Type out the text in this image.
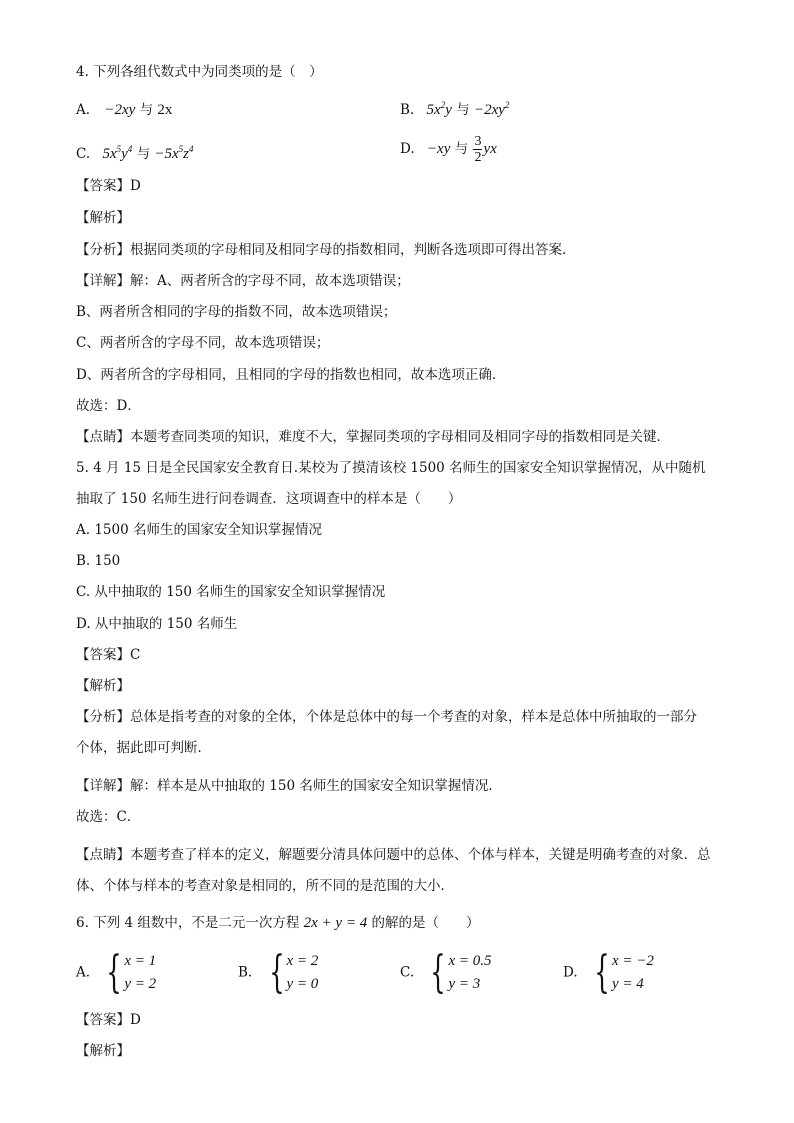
4. 下列各组代数式中为同类项的是（　）
A. −2xy 与 2x	B. $5x^2y$ 与 $-2xy^2$
C. $5x^5y^4$ 与 $-5x^5z^4$	D. −xy 与 $\frac{3}{2}$ yx
【答案】D
【解析】
【分析】根据同类项的字母相同及相同字母的指数相同，判断各选项即可得出答案．
【详解】解：A、两者所含的字母不同，故本选项错误；
B、两者所含相同的字母的指数不同，故本选项错误；
C、两者所含的字母不同，故本选项错误；
D、两者所含的字母相同，且相同的字母的指数也相同，故本选项正确．
故选：D．
【点睛】本题考查同类项的知识，难度不大，掌握同类项的字母相同及相同字母的指数相同是关键．
5. 4 月 15 日是全民国家安全教育日.某校为了摸清该校 1500 名师生的国家安全知识掌握情况，从中随机
抽取了 150 名师生进行问卷调查．这项调查中的样本是（　　）
A. 1500 名师生的国家安全知识掌握情况
B. 150
C. 从中抽取的 150 名师生的国家安全知识掌握情况
D. 从中抽取的 150 名师生
【答案】C
【解析】
【分析】总体是指考查的对象的全体，个体是总体中的每一个考查的对象，样本是总体中所抽取的一部分
个体，据此即可判断．
【详解】解：样本是从中抽取的 150 名师生的国家安全知识掌握情况．
故选：C．
【点睛】本题考查了样本的定义，解题要分清具体问题中的总体、个体与样本，关键是明确考查的对象．总
体、个体与样本的考查对象是相同的，所不同的是范围的大小．
6. 下列 4 组数中，不是二元一次方程 2x + y = 4 的解的是（　　）
A. { x = 1
y = 2
B. { x = 2
y = 0
C. { x = 0.5
y = 3
D. { x = −2
y = 4
【答案】D
【解析】
